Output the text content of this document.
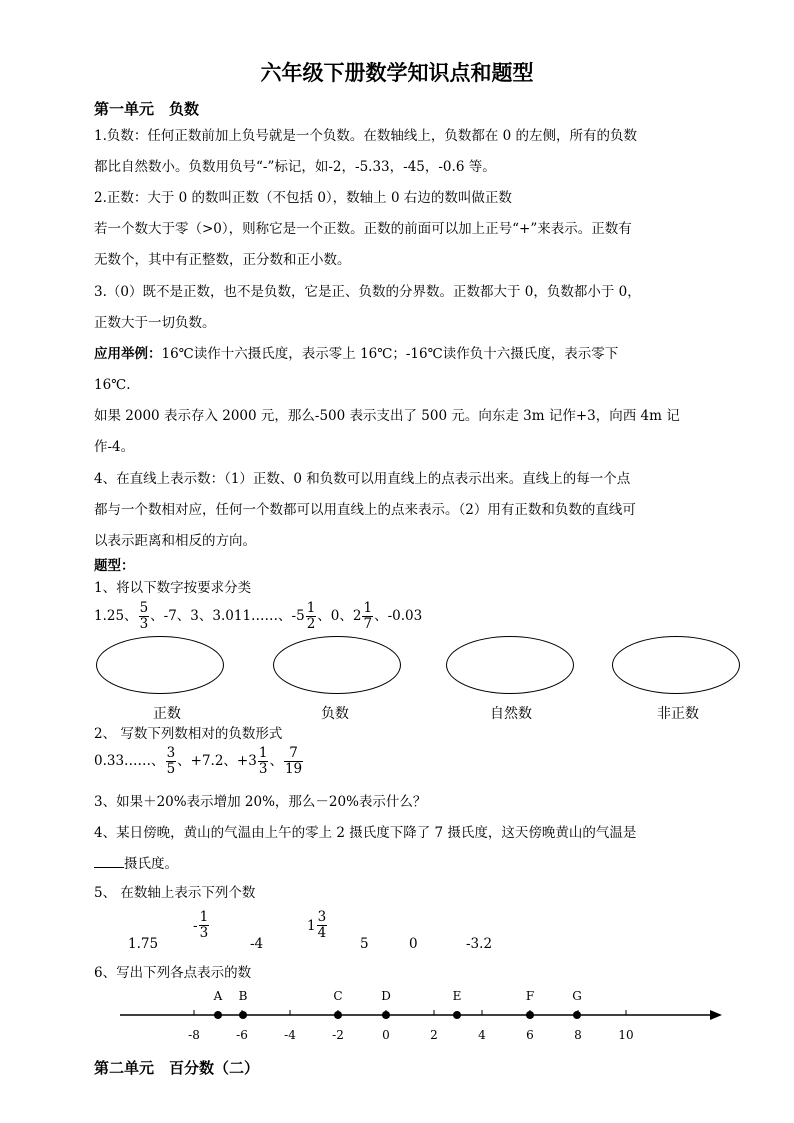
六年级下册数学知识点和题型
第一单元　负数
1.负数：任何正数前加上负号就是一个负数。在数轴线上，负数都在 0 的左侧，所有的负数
都比自然数小。负数用负号“-”标记，如-2，-5.33，-45，-0.6 等。
2.正数：大于 0 的数叫正数（不包括 0），数轴上 0 右边的数叫做正数
若一个数大于零（>0），则称它是一个正数。正数的前面可以加上正号“+”来表示。正数有
无数个，其中有正整数，正分数和正小数。
3.（0）既不是正数，也不是负数，它是正、负数的分界数。正数都大于 0，负数都小于 0，
正数大于一切负数。
应用举例：16℃读作十六摄氏度，表示零上 16℃；-16℃读作负十六摄氏度，表示零下
16℃.
如果 2000 表示存入 2000 元，那么-500 表示支出了 500 元。向东走 3m 记作+3，向西 4m 记
作-4。
4、在直线上表示数：（1）正数、0 和负数可以用直线上的点表示出来。直线上的每一个点
都与一个数相对应，任何一个数都可以用直线上的点来表示。（2）用有正数和负数的直线可
以表示距离和相反的方向。
题型：
1、将以下数字按要求分类
1.25、 $\frac{5}{3}$ 、-7、3、3.011……、$-5 \frac{1}{2}$ 、0、$2 \frac{1}{7}$ 、-0.03
正数	负数	自然数	非正数
2、 写数下列数相对的负数形式
0.33……、 $\frac{3}{5}$ 、+7.2、$+3 \frac{1}{3}$ 、 $\frac{7}{19}$
3、如果＋20%表示增加 20%，那么－20%表示什么？
4、某日傍晚，黄山的气温由上午的零上 2 摄氏度下降了 7 摄氏度，这天傍晚黄山的气温是
摄氏度。
5、 在数轴上表示下列个数
1.75
- $\frac{1}{3}$
-4
$1 \frac{3}{4}$
5	0	-3.2
6、写出下列各点表示的数
-8	-6	-4	-2	0	2	4	6	8	10
A B	C	D	E	F	G
第二单元　百分数（二）
